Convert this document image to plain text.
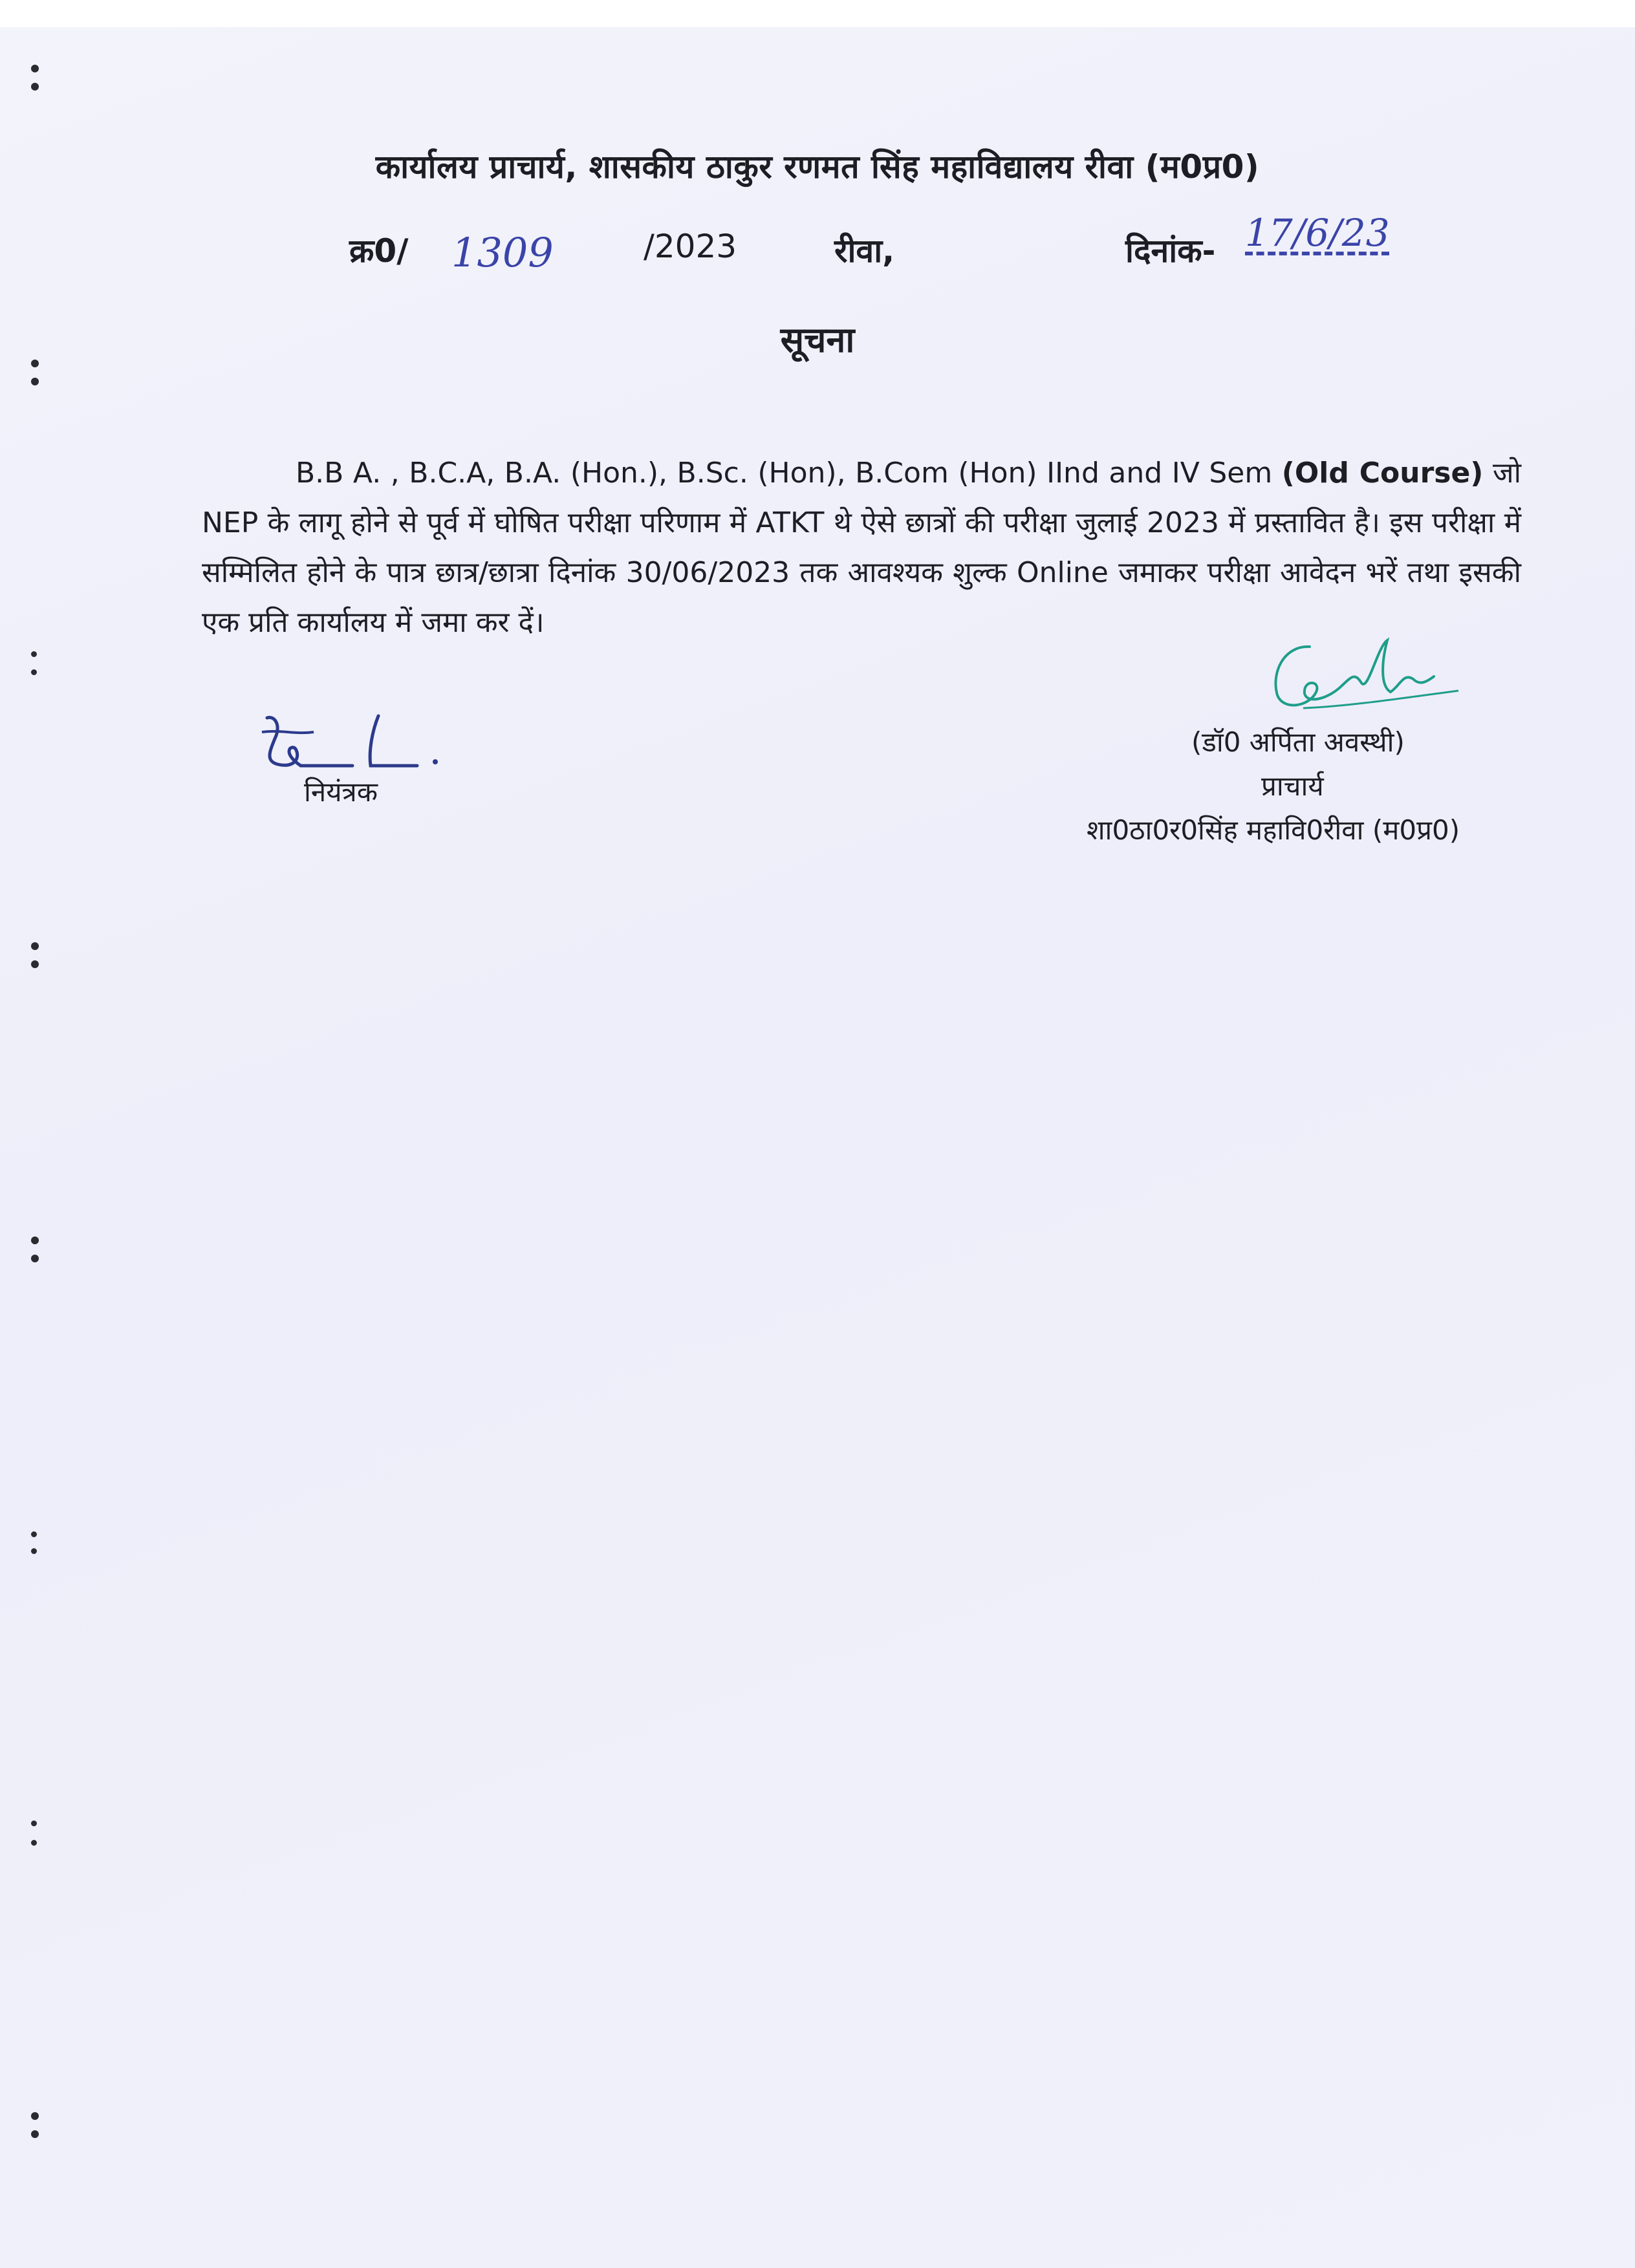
कार्यालय प्राचार्य, शासकीय ठाकुर रणमत सिंह महाविद्यालय रीवा (म0प्र0)
क्र0/ 1309	/2023	रीवा,	दिनांक- 17/6/23
सूचना
B.B A. , B.C.A, B.A. (Hon.), B.Sc. (Hon), B.Com (Hon) IInd and IV Sem (Old Course) जो NEP के लागू होने से पूर्व में घोषित परीक्षा परिणाम में ATKT थे ऐसे छात्रों की परीक्षा जुलाई 2023 में प्रस्तावित है। इस परीक्षा में सम्मिलित होने के पात्र छात्र/छात्रा दिनांक 30/06/2023 तक आवश्यक शुल्क Online जमाकर परीक्षा आवेदन भरें तथा इसकी एक प्रति कार्यालय में जमा कर दें।
नियंत्रक
(डॉ0 अर्पिता अवस्थी)
प्राचार्य
शा0ठा0र0सिंह महावि0रीवा (म0प्र0)
